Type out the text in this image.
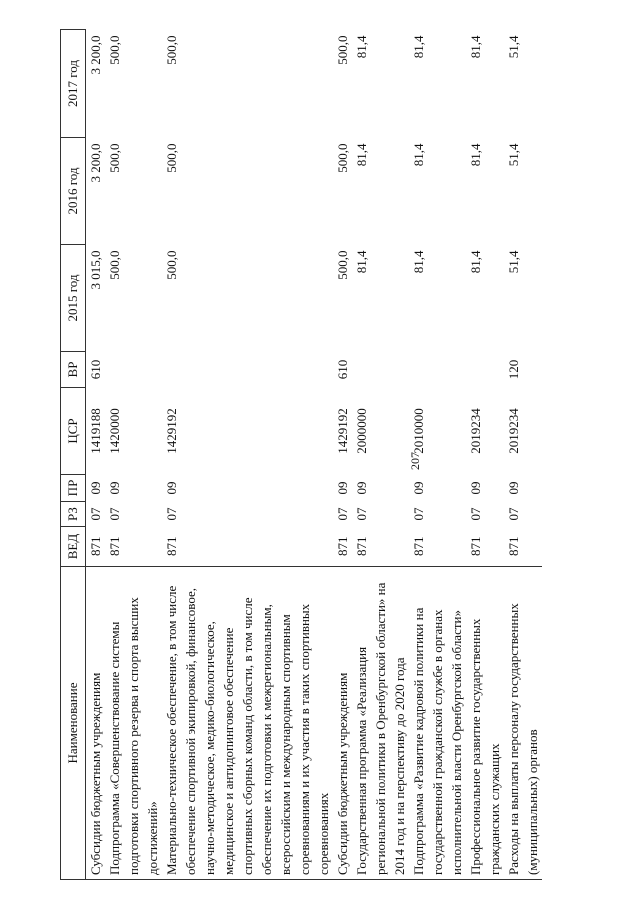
207
Наименование	ВЕД	РЗ	ПР	ЦСР	ВР	2015 год	2016 год	2017 год
Субсидии бюджетным учреждениям	871	07	09	1419188	610	3 015,0	3 200,0	3 200,0
Подпрограмма «Совершенствование системы подготовки спортивного резерва и спорта высших достижений»	871	07	09	1420000		500,0	500,0	500,0
Материально-техническое обеспечение, в том числе обеспечение спортивной экипировкой, финансовое, научно-методическое, медико-биологическое, медицинское и антидопинговое обеспечение спортивных сборных команд области, в том числе обеспечение их подготовки к межрегиональным, всероссийским и международным спортивным соревнованиям и их участия в таких спортивных соревнованиях	871	07	09	1429192		500,0	500,0	500,0
Субсидии бюджетным учреждениям	871	07	09	1429192	610	500,0	500,0	500,0
Государственная программа «Реализация региональной политики в Оренбургской области» на 2014 год и на перспективу до 2020 года	871	07	09	2000000		81,4	81,4	81,4
Подпрограмма «Развитие кадровой политики на государственной гражданской службе в органах исполнительной власти Оренбургской области»	871	07	09	2010000		81,4	81,4	81,4
Профессиональное развитие государственных гражданских служащих	871	07	09	2019234		81,4	81,4	81,4
Расходы на выплаты персоналу государственных (муниципальных) органов	871	07	09	2019234	120	51,4	51,4	51,4
